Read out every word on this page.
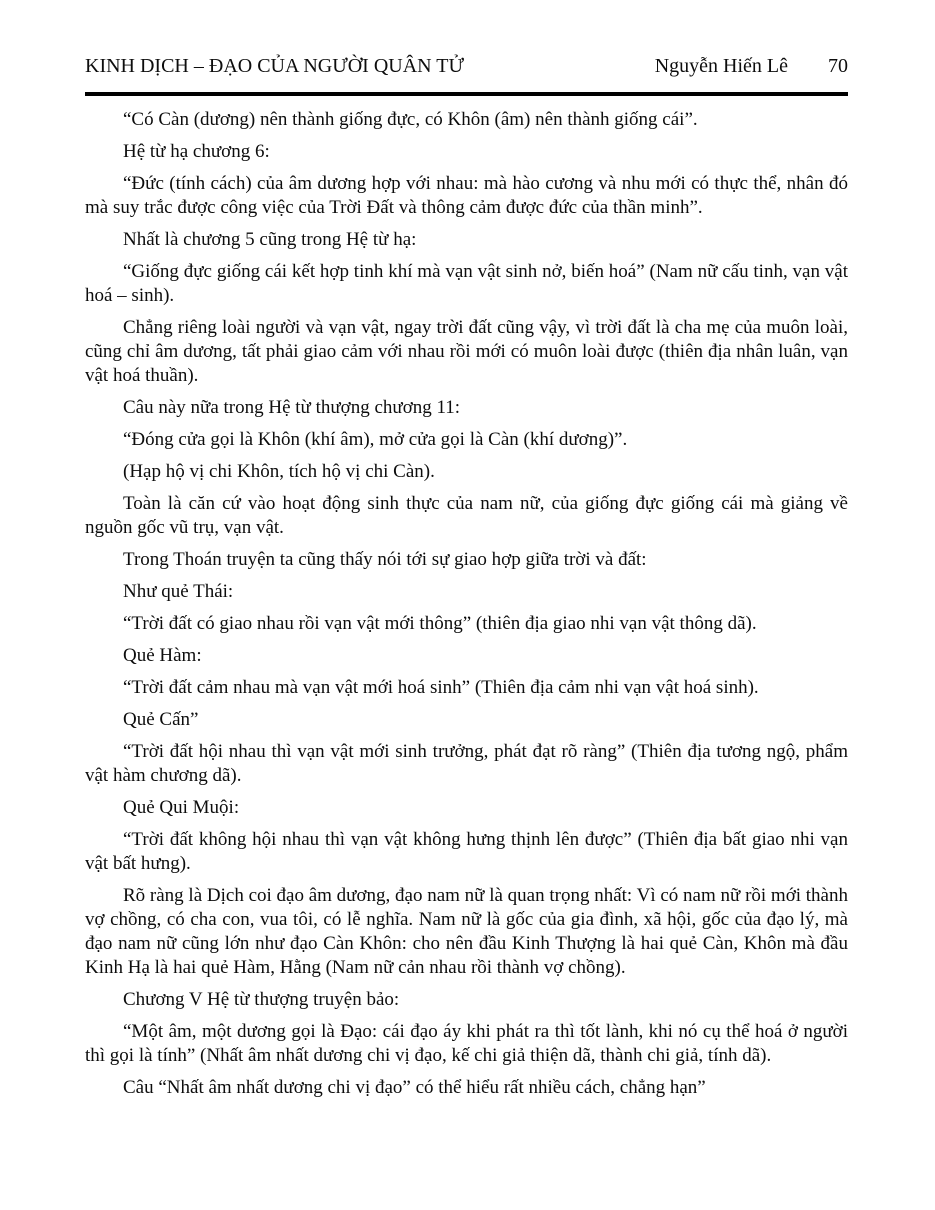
KINH DỊCH – ĐẠO CỦA NGƯỜI QUÂN TỬ	Nguyễn Hiến Lê 70

“Có Càn (dương) nên thành giống đực, có Khôn (âm) nên thành giống cái”.

Hệ từ hạ chương 6:

“Đức (tính cách) của âm dương hợp với nhau: mà hào cương và nhu mới có thực thể, nhân đó mà suy trắc được công việc của Trời Đất và thông cảm được đức của thần minh”.

Nhất là chương 5 cũng trong Hệ từ hạ:

“Giống đực giống cái kết hợp tinh khí mà vạn vật sinh nở, biến hoá” (Nam nữ cấu tinh, vạn vật hoá – sinh).

Chẳng riêng loài người và vạn vật, ngay trời đất cũng vậy, vì trời đất là cha mẹ của muôn loài, cũng chỉ âm dương, tất phải giao cảm với nhau rồi mới có muôn loài được (thiên địa nhân luân, vạn vật hoá thuần).

Câu này nữa trong Hệ từ thượng chương 11:

“Đóng cửa gọi là Khôn (khí âm), mở cửa gọi là Càn (khí dương)”.

(Hạp hộ vị chi Khôn, tích hộ vị chi Càn).

Toàn là căn cứ vào hoạt động sinh thực của nam nữ, của giống đực giống cái mà giảng về nguồn gốc vũ trụ, vạn vật.

Trong Thoán truyện ta cũng thấy nói tới sự giao hợp giữa trời và đất:

Như quẻ Thái:

“Trời đất có giao nhau rồi vạn vật mới thông” (thiên địa giao nhi vạn vật thông dã).

Quẻ Hàm:

“Trời đất cảm nhau mà vạn vật mới hoá sinh” (Thiên địa cảm nhi vạn vật hoá sinh).

Quẻ Cấn”

“Trời đất hội nhau thì vạn vật mới sinh trưởng, phát đạt rõ ràng” (Thiên địa tương ngộ, phẩm vật hàm chương dã).

Quẻ Qui Muội:

“Trời đất không hội nhau thì vạn vật không hưng thịnh lên được” (Thiên địa bất giao nhi vạn vật bất hưng).

Rõ ràng là Dịch coi đạo âm dương, đạo nam nữ là quan trọng nhất: Vì có nam nữ rồi mới thành vợ chồng, có cha con, vua tôi, có lễ nghĩa. Nam nữ là gốc của gia đình, xã hội, gốc của đạo lý, mà đạo nam nữ cũng lớn như đạo Càn Khôn: cho nên đầu Kinh Thượng là hai quẻ Càn, Khôn mà đầu Kinh Hạ là hai quẻ Hàm, Hằng (Nam nữ cản nhau rồi thành vợ chồng).

Chương V Hệ từ thượng truyện bảo:

“Một âm, một dương gọi là Đạo: cái đạo áy khi phát ra thì tốt lành, khi nó cụ thể hoá ở người thì gọi là tính” (Nhất âm nhất dương chi vị đạo, kế chi giả thiện dã, thành chi giả, tính dã).

Câu “Nhất âm nhất dương chi vị đạo” có thể hiểu rất nhiều cách, chẳng hạn”
